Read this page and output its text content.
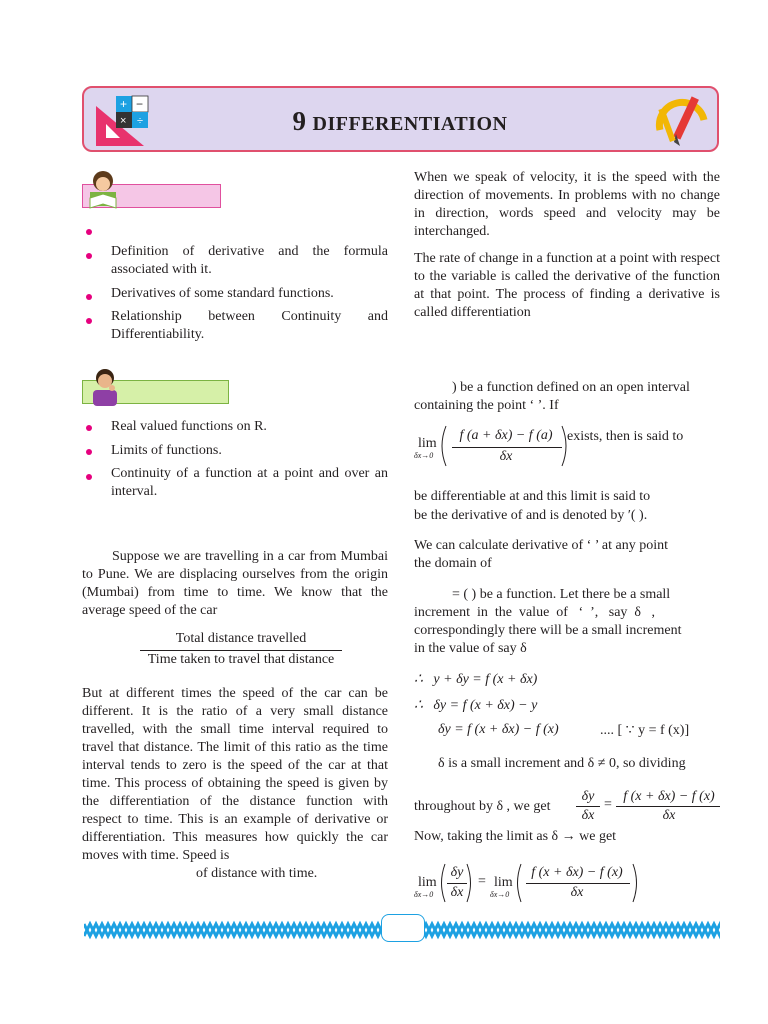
+ −
× ÷	9 DIFFERENTIATION
Definition of derivative and the formula associated with it.
Derivatives of some standard functions.
Relationship between Continuity and Differentiability.
Real valued functions on R.
Limits of functions.
Continuity of a function at a point and over an interval.
Suppose we are travelling in a car from Mumbai to Pune. We are displacing ourselves from the origin (Mumbai) from time to time. We know that the average speed of the car
Total distance travelled
Time taken to travel that distance
But at different times the speed of the car can be different. It is the ratio of a very small distance travelled, with the small time interval required to travel that distance. The limit of this ratio as the time interval tends to zero is the speed of the car at that time. This process of obtaining the speed is given by the differentiation of the distance function with respect to time. This is an example of derivative or differentiation. This measures how quickly the car moves with time. Speed is
of distance with time.
When we speak of velocity, it is the speed with the direction of movements. In problems with no change in direction, words speed and velocity may be interchanged.
The rate of change in a function at a point with respect to the variable is called the derivative of the function at that point. The process of finding a derivative is called differentiation
) be a function defined on an open interval
containing the point ‘ ’. If
lim
δx→0
f (a + δx) − f (a)
δx
exists, then is said to
be differentiable at and this limit is said to
be the derivative of and is denoted by ′( ).
We can calculate derivative of ‘ ’ at any point
the domain of
= ( ) be a function. Let there be a small
increment  in  the  value  of   ‘  ’,   say  δ   ,
correspondingly there will be a small increment
in the value of say δ
∴   y + δy = f (x + δx)
∴   δy = f (x + δx) − y
δy = f (x + δx) − f (x)	.... [ ∵ y = f (x)]
δ is a small increment and δ ≠ 0, so dividing
throughout by δ , we get
δy
δx
=
f (x + δx) − f (x)
δx
Now, taking the limit as δ → we get
lim
δx→0
δy
δx
= lim
δx→0
f (x + δx) − f (x)
δx
